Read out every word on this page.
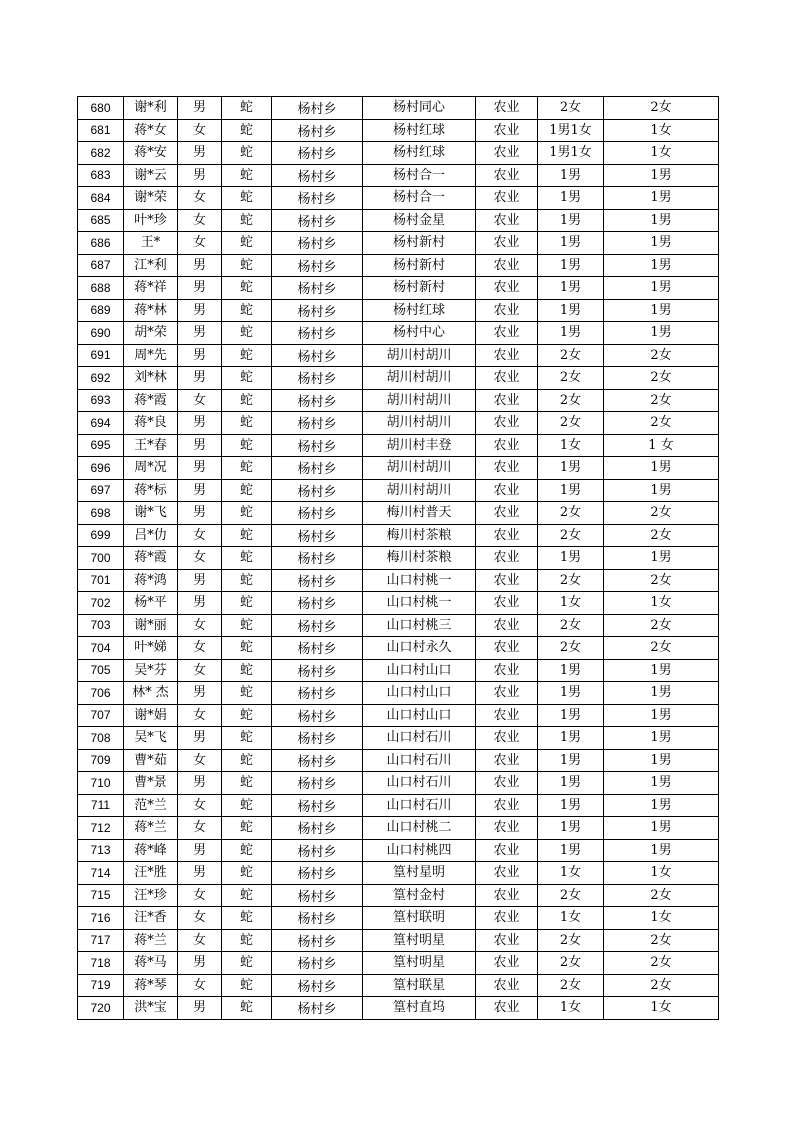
680	谢*利	男	蛇	杨村乡	杨村同心	农业	2女	2女
681	蒋*女	女	蛇	杨村乡	杨村红球	农业	1男1女	1女
682	蒋*安	男	蛇	杨村乡	杨村红球	农业	1男1女	1女
683	谢*云	男	蛇	杨村乡	杨村合一	农业	1男	1男
684	谢*荣	女	蛇	杨村乡	杨村合一	农业	1男	1男
685	叶*珍	女	蛇	杨村乡	杨村金星	农业	1男	1男
686	王*	女	蛇	杨村乡	杨村新村	农业	1男	1男
687	江*利	男	蛇	杨村乡	杨村新村	农业	1男	1男
688	蒋*祥	男	蛇	杨村乡	杨村新村	农业	1男	1男
689	蒋*林	男	蛇	杨村乡	杨村红球	农业	1男	1男
690	胡*荣	男	蛇	杨村乡	杨村中心	农业	1男	1男
691	周*先	男	蛇	杨村乡	胡川村胡川	农业	2女	2女
692	刘*林	男	蛇	杨村乡	胡川村胡川	农业	2女	2女
693	蒋*霞	女	蛇	杨村乡	胡川村胡川	农业	2女	2女
694	蒋*良	男	蛇	杨村乡	胡川村胡川	农业	2女	2女
695	王*春	男	蛇	杨村乡	胡川村丰登	农业	1女	1 女
696	周*况	男	蛇	杨村乡	胡川村胡川	农业	1男	1男
697	蒋*标	男	蛇	杨村乡	胡川村胡川	农业	1男	1男
698	谢*飞	男	蛇	杨村乡	梅川村普天	农业	2女	2女
699	吕*仂	女	蛇	杨村乡	梅川村茶粮	农业	2女	2女
700	蒋*霞	女	蛇	杨村乡	梅川村茶粮	农业	1男	1男
701	蒋*鸿	男	蛇	杨村乡	山口村桃一	农业	2女	2女
702	杨*平	男	蛇	杨村乡	山口村桃一	农业	1女	1女
703	谢*丽	女	蛇	杨村乡	山口村桃三	农业	2女	2女
704	叶*娣	女	蛇	杨村乡	山口村永久	农业	2女	2女
705	吴*芬	女	蛇	杨村乡	山口村山口	农业	1男	1男
706	林* 杰	男	蛇	杨村乡	山口村山口	农业	1男	1男
707	谢*娟	女	蛇	杨村乡	山口村山口	农业	1男	1男
708	吴*飞	男	蛇	杨村乡	山口村石川	农业	1男	1男
709	曹*茹	女	蛇	杨村乡	山口村石川	农业	1男	1男
710	曹*景	男	蛇	杨村乡	山口村石川	农业	1男	1男
711	范*兰	女	蛇	杨村乡	山口村石川	农业	1男	1男
712	蒋*兰	女	蛇	杨村乡	山口村桃二	农业	1男	1男
713	蒋*峰	男	蛇	杨村乡	山口村桃四	农业	1男	1男
714	汪*胜	男	蛇	杨村乡	篁村星明	农业	1女	1女
715	汪*珍	女	蛇	杨村乡	篁村金村	农业	2女	2女
716	汪*香	女	蛇	杨村乡	篁村联明	农业	1女	1女
717	蒋*兰	女	蛇	杨村乡	篁村明星	农业	2女	2女
718	蒋*马	男	蛇	杨村乡	篁村明星	农业	2女	2女
719	蒋*琴	女	蛇	杨村乡	篁村联星	农业	2女	2女
720	洪*宝	男	蛇	杨村乡	篁村直坞	农业	1女	1女
